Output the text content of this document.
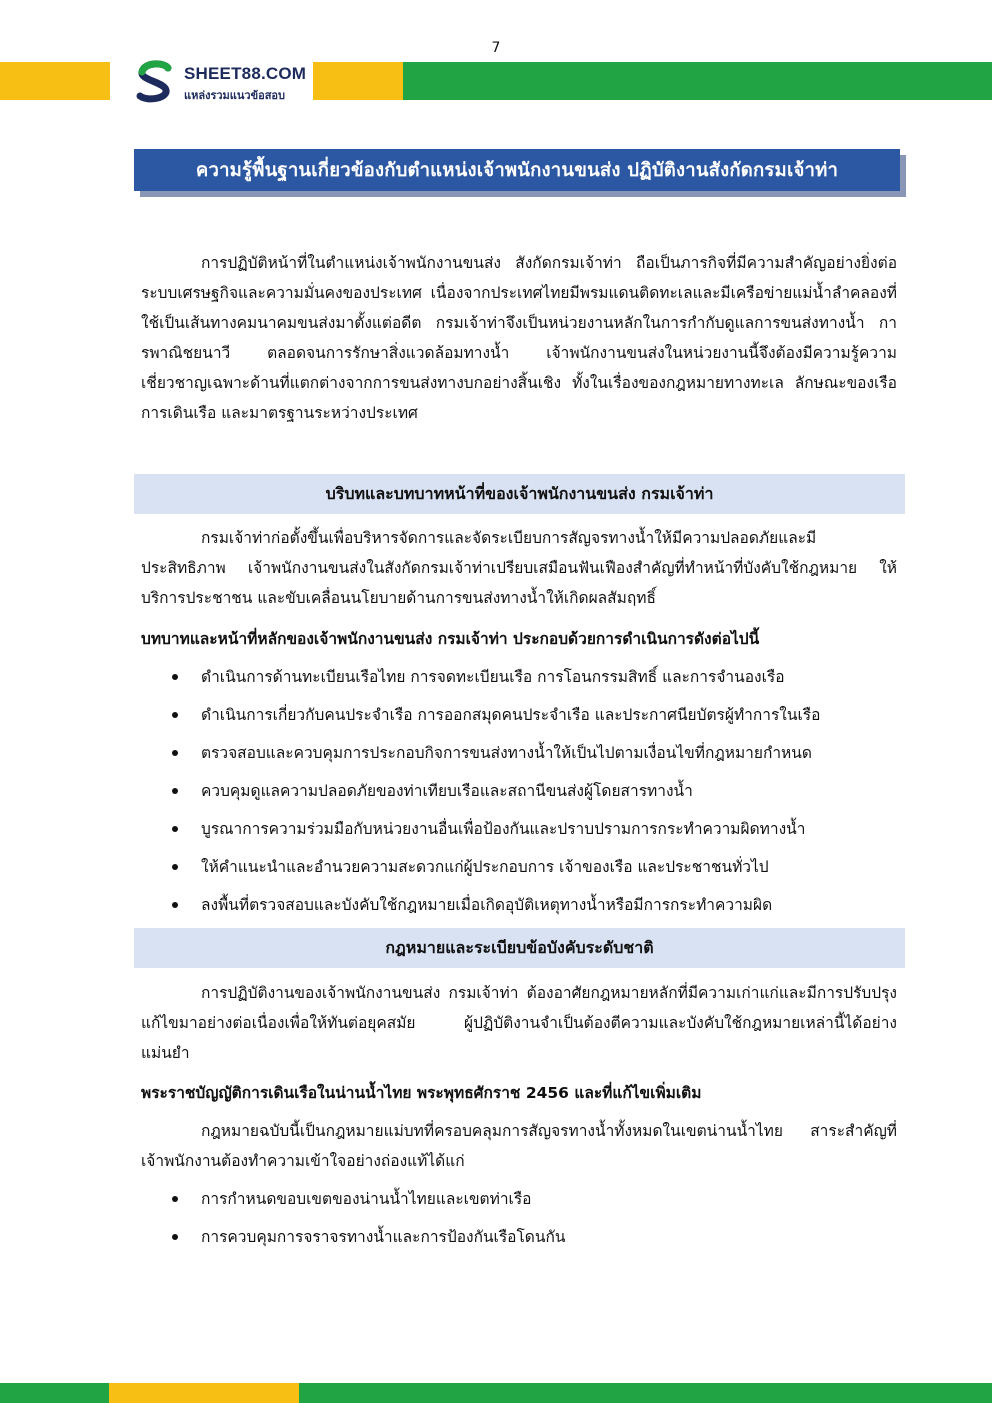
7
SHEET88.COM
แหล่งรวมแนวข้อสอบ
ความรู้พื้นฐานเกี่ยวข้องกับตำแหน่งเจ้าพนักงานขนส่ง ปฏิบัติงานสังกัดกรมเจ้าท่า

การปฏิบัติหน้าที่ในตำแหน่งเจ้าพนักงานขนส่ง สังกัดกรมเจ้าท่า ถือเป็นภารกิจที่มีความสำคัญอย่างยิ่งต่อระบบเศรษฐกิจและความมั่นคงของประเทศ เนื่องจากประเทศไทยมีพรมแดนติดทะเลและมีเครือข่ายแม่น้ำลำคลองที่ใช้เป็นเส้นทางคมนาคมขนส่งมาตั้งแต่อดีต กรมเจ้าท่าจึงเป็นหน่วยงานหลักในการกำกับดูแลการขนส่งทางน้ำ การพาณิชยนาวี ตลอดจนการรักษาสิ่งแวดล้อมทางน้ำ เจ้าพนักงานขนส่งในหน่วยงานนี้จึงต้องมีความรู้ความเชี่ยวชาญเฉพาะด้านที่แตกต่างจากการขนส่งทางบกอย่างสิ้นเชิง ทั้งในเรื่องของกฎหมายทางทะเล ลักษณะของเรือ การเดินเรือ และมาตรฐานระหว่างประเทศ

บริบทและบทบาทหน้าที่ของเจ้าพนักงานขนส่ง กรมเจ้าท่า

กรมเจ้าท่าก่อตั้งขึ้นเพื่อบริหารจัดการและจัดระเบียบการสัญจรทางน้ำให้มีความปลอดภัยและมีประสิทธิภาพ เจ้าพนักงานขนส่งในสังกัดกรมเจ้าท่าเปรียบเสมือนฟันเฟืองสำคัญที่ทำหน้าที่บังคับใช้กฎหมาย ให้บริการประชาชน และขับเคลื่อนนโยบายด้านการขนส่งทางน้ำให้เกิดผลสัมฤทธิ์

บทบาทและหน้าที่หลักของเจ้าพนักงานขนส่ง กรมเจ้าท่า ประกอบด้วยการดำเนินการดังต่อไปนี้

ดำเนินการด้านทะเบียนเรือไทย การจดทะเบียนเรือ การโอนกรรมสิทธิ์ และการจำนองเรือ
ดำเนินการเกี่ยวกับคนประจำเรือ การออกสมุดคนประจำเรือ และประกาศนียบัตรผู้ทำการในเรือ
ตรวจสอบและควบคุมการประกอบกิจการขนส่งทางน้ำให้เป็นไปตามเงื่อนไขที่กฎหมายกำหนด
ควบคุมดูแลความปลอดภัยของท่าเทียบเรือและสถานีขนส่งผู้โดยสารทางน้ำ
บูรณาการความร่วมมือกับหน่วยงานอื่นเพื่อป้องกันและปราบปรามการกระทำความผิดทางน้ำ
ให้คำแนะนำและอำนวยความสะดวกแก่ผู้ประกอบการ เจ้าของเรือ และประชาชนทั่วไป
ลงพื้นที่ตรวจสอบและบังคับใช้กฎหมายเมื่อเกิดอุบัติเหตุทางน้ำหรือมีการกระทำความผิด
กฎหมายและระเบียบข้อบังคับระดับชาติ

การปฏิบัติงานของเจ้าพนักงานขนส่ง กรมเจ้าท่า ต้องอาศัยกฎหมายหลักที่มีความเก่าแก่และมีการปรับปรุงแก้ไขมาอย่างต่อเนื่องเพื่อให้ทันต่อยุคสมัย ผู้ปฏิบัติงานจำเป็นต้องตีความและบังคับใช้กฎหมายเหล่านี้ได้อย่างแม่นยำ

พระราชบัญญัติการเดินเรือในน่านน้ำไทย พระพุทธศักราช 2456 และที่แก้ไขเพิ่มเติม

กฎหมายฉบับนี้เป็นกฎหมายแม่บทที่ครอบคลุมการสัญจรทางน้ำทั้งหมดในเขตน่านน้ำไทย สาระสำคัญที่เจ้าพนักงานต้องทำความเข้าใจอย่างถ่องแท้ได้แก่

การกำหนดขอบเขตของน่านน้ำไทยและเขตท่าเรือ
การควบคุมการจราจรทางน้ำและการป้องกันเรือโดนกัน
